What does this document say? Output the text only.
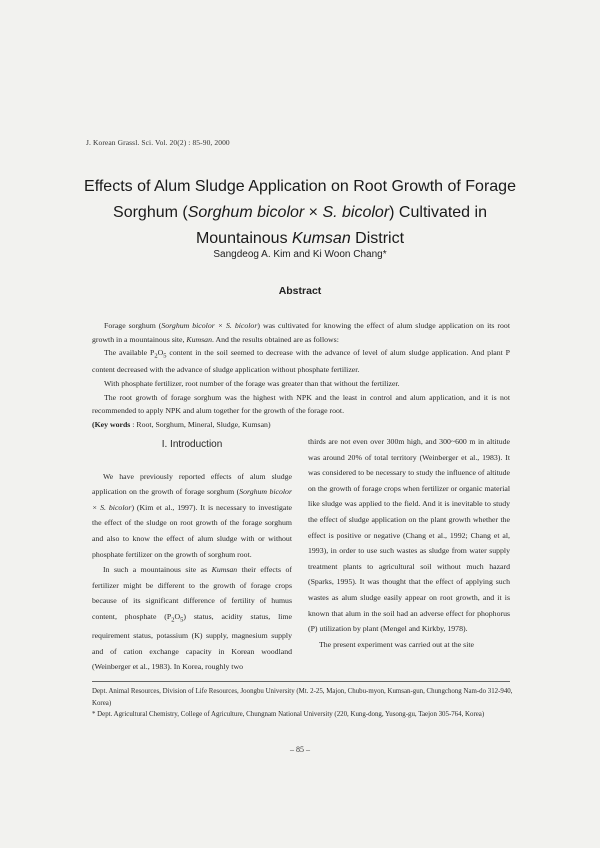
J. Korean Grassl. Sci. Vol. 20(2) : 85-90, 2000
Effects of Alum Sludge Application on Root Growth of Forage
Sorghum (Sorghum bicolor × S. bicolor) Cultivated in
Mountainous Kumsan District
Sangdeog A. Kim and Ki Woon Chang*
Abstract

Forage sorghum (Sorghum bicolor × S. bicolor) was cultivated for knowing the effect of alum sludge application on its root growth in a mountainous site, Kumsan. And the results obtained are as follows:

The available $P_2O_5$ content in the soil seemed to decrease with the advance of level of alum sludge application. And plant P content decreased with the advance of sludge application without phosphate fertilizer.

With phosphate fertilizer, root number of the forage was greater than that without the fertilizer.

The root growth of forage sorghum was the highest with NPK and the least in control and alum application, and it is not recommended to apply NPK and alum together for the growth of the forage root.

(Key words : Root, Sorghum, Mineral, Sludge, Kumsan)

I. Introduction

We have previously reported effects of alum sludge application on the growth of forage sorghum (Sorghum bicolor × S. bicolor) (Kim et al., 1997). It is necessary to investigate the effect of the sludge on root growth of the forage sorghum and also to know the effect of alum sludge with or without phosphate fertilizer on the growth of sorghum root.

In such a mountainous site as Kumsan their effects of fertilizer might be different to the growth of forage crops because of its significant difference of fertility of humus content, phosphate $(P_2O_5)$ status, acidity status, lime requirement status, potassium (K) supply, magnesium supply and of cation exchange capacity in Korean woodland (Weinberger et al., 1983). In Korea, roughly two

thirds are not even over 300m high, and 300~600 m in altitude was around 20% of total territory (Weinberger et al., 1983). It was considered to be necessary to study the influence of altitude on the growth of forage crops when fertilizer or organic material like sludge was applied to the field. And it is inevitable to study the effect of sludge application on the plant growth whether the effect is positive or negative (Chang et al., 1992; Chang et al, 1993), in order to use such wastes as sludge from water supply treatment plants to agricultural soil without much hazard (Sparks, 1995). It was thought that the effect of applying such wastes as alum sludge easily appear on root growth, and it is known that alum in the soil had an adverse effect for phophorus (P) utilization by plant (Mengel and Kirkby, 1978).

The present experiment was carried out at the site

Dept. Animal Resources, Division of Life Resources, Joongbu University (Mt. 2-25, Majon, Chubu-myon, Kumsan-gun, Chungchong Nam-do 312-940, Korea)

* Dept. Agricultural Chemistry, College of Agriculture, Chungnam National University (220, Kung-dong, Yusong-gu, Taejon 305-764, Korea)

– 85 –
